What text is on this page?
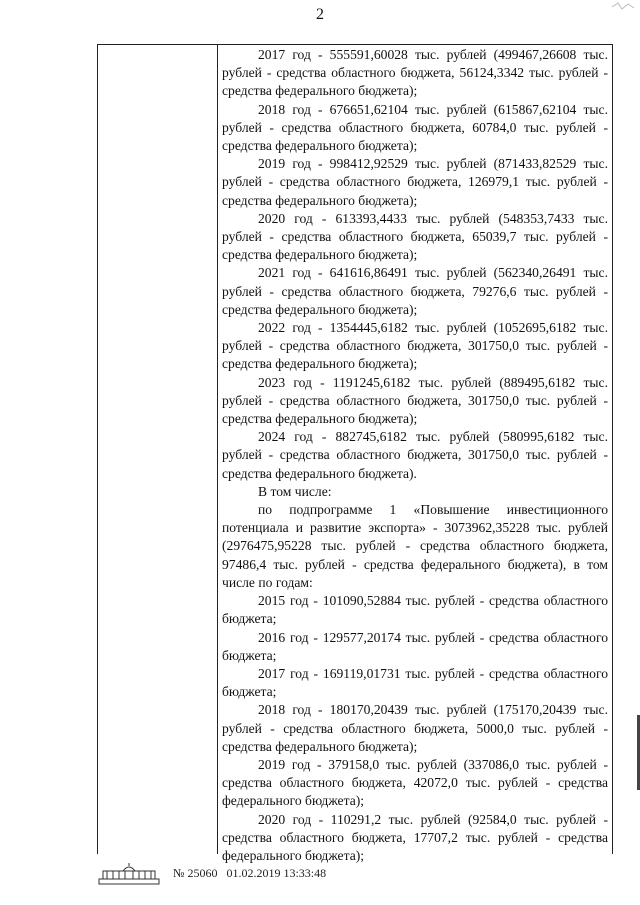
2

2017 год - 555591,60028 тыс. рублей (499467,26608 тыс. рублей - средства областного бюджета, 56124,3342 тыс. рублей - средства федерального бюджета);

2018 год - 676651,62104 тыс. рублей (615867,62104 тыс. рублей - средства областного бюджета, 60784,0 тыс. рублей - средства федерального бюджета);

2019 год - 998412,92529 тыс. рублей (871433,82529 тыс. рублей - средства областного бюджета, 126979,1 тыс. рублей - средства федерального бюджета);

2020 год - 613393,4433 тыс. рублей (548353,7433 тыс. рублей - средства областного бюджета, 65039,7 тыс. рублей - средства федерального бюджета);

2021 год - 641616,86491 тыс. рублей (562340,26491 тыс. рублей - средства областного бюджета, 79276,6 тыс. рублей - средства федерального бюджета);

2022 год - 1354445,6182 тыс. рублей (1052695,6182 тыс. рублей - средства областного бюджета, 301750,0 тыс. рублей - средства федерального бюджета);

2023 год - 1191245,6182 тыс. рублей (889495,6182 тыс. рублей - средства областного бюджета, 301750,0 тыс. рублей - средства федерального бюджета);

2024 год - 882745,6182 тыс. рублей (580995,6182 тыс. рублей - средства областного бюджета, 301750,0 тыс. рублей - средства федерального бюджета).

В том числе:

по подпрограмме 1 «Повышение инвестиционного потенциала и развитие экспорта» - 3073962,35228 тыс. рублей (2976475,95228 тыс. рублей - средства областного бюджета, 97486,4 тыс. рублей - средства федерального бюджета), в том числе по годам:

2015 год - 101090,52884 тыс. рублей - средства областного бюджета;

2016 год - 129577,20174 тыс. рублей - средства областного бюджета;

2017 год - 169119,01731 тыс. рублей - средства областного бюджета;

2018 год - 180170,20439 тыс. рублей (175170,20439 тыс. рублей - средства областного бюджета, 5000,0 тыс. рублей - средства федерального бюджета);

2019 год - 379158,0 тыс. рублей (337086,0 тыс. рублей - средства областного бюджета, 42072,0 тыс. рублей - средства федерального бюджета);

2020 год - 110291,2 тыс. рублей (92584,0 тыс. рублей - средства областного бюджета, 17707,2 тыс. рублей - средства федерального бюджета);

№ 25060 01.02.2019 13:33:48
